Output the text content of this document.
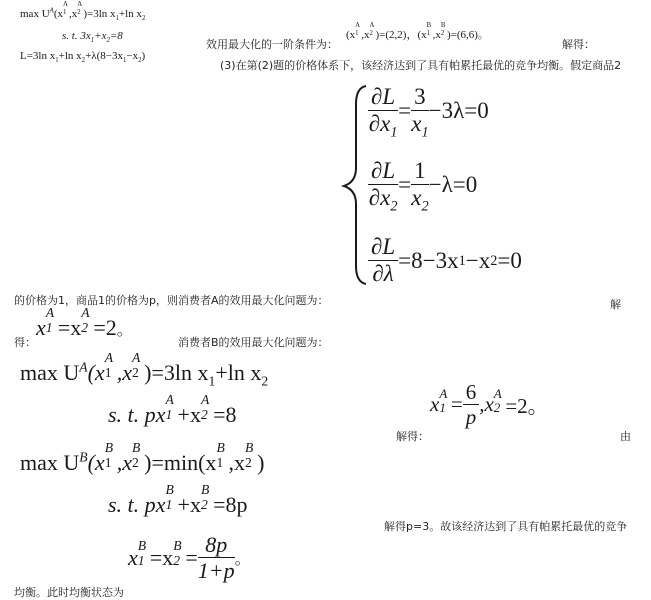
$\max U^A(x$
A
1 ,x
A
2 )=3ln $x_1+\ln$ $x_2$
s. t. $3x_1+x_2=8$
L=3ln $x_1+\ln$ $x_2+\lambda(8-3x_1-x_2)$
效用最大化的一阶条件为：
(x
A
1 ,x
A
2 )=(2,2)，(x
B
1 ,x
B
2 )=(6,6)。
解得：
(3)在第(2)题的价格体系下，该经济达到了具有帕累托最优的竞争均衡。假定商品2
$\frac{\partial L}{\partial x_1} = \frac{3}{x_1} -3\lambda=0$
$\frac{\partial L}{\partial x_2} = \frac{1}{x_2} -\lambda=0$
$\frac{\partial L}{\partial\lambda} =8-3x$ 1 −x 2 =0
的价格为1，商品1的价格为p，则消费者A的效用最大化问题为：	解
得：
x
A
1 =x
A
2 =2。
消费者B的效用最大化问题为：
$\max U^A(x$
A
1 ,x
A
2 )=3ln $x_1+\ln$ $x_2$
s. t. px
A
1 +x
A
2 =8	x A
$1 = \frac{6}{p} ,x$ A
2 =2。
解得：	由
$\max U^B(x$
B
1 ,x
B
2 )=min(x
B
1 ,x
B
2 )
s. t. px
B
1 +x
B
2 =8p
解得p=3。故该经济达到了具有帕累托最优的竞争
x B
1 =x B
$2 = \frac{8p}{1+p}$ 。
均衡。此时均衡状态为
